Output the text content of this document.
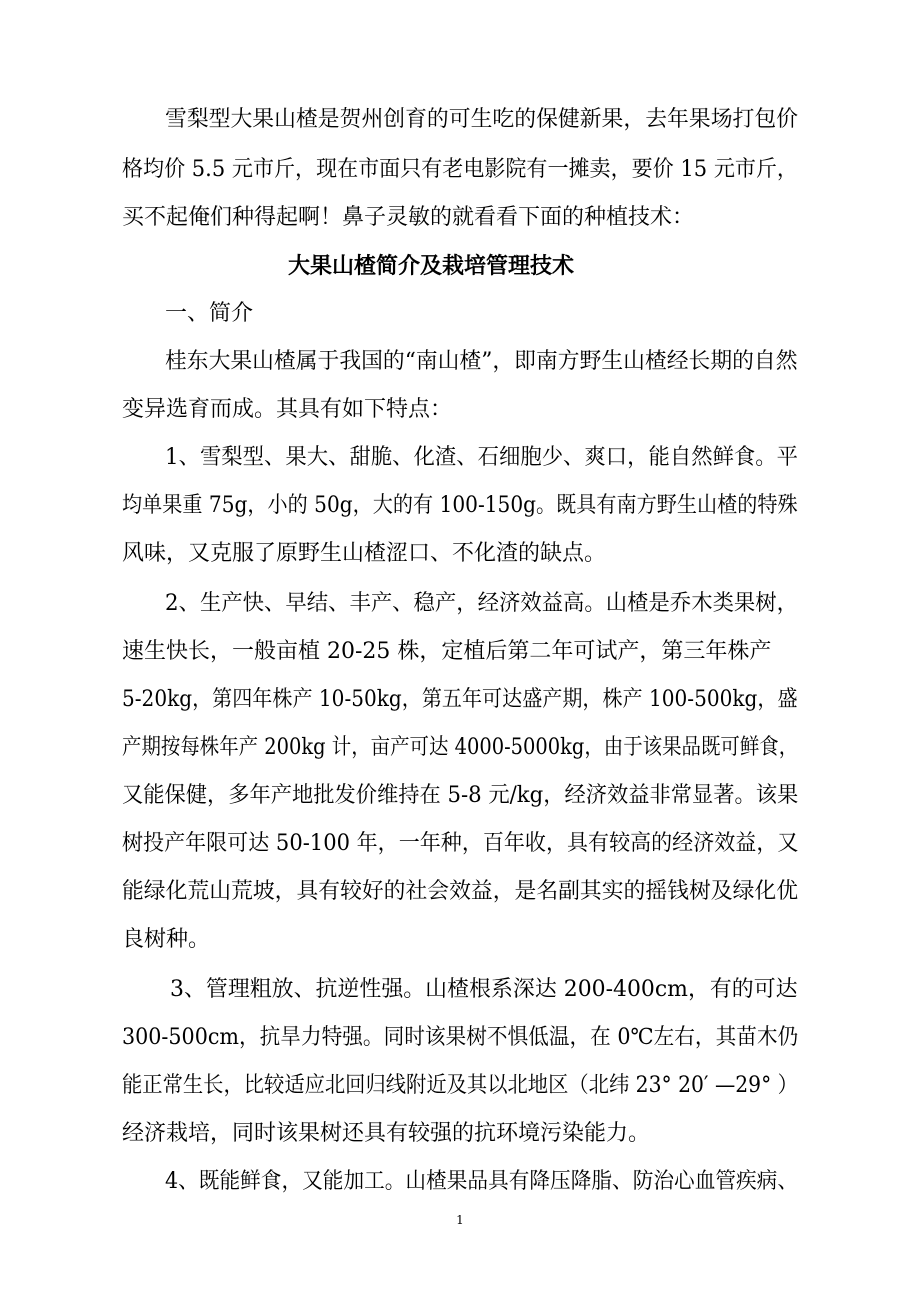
雪梨型大果山楂是贺州创育的可生吃的保健新果，去年果场打包价
格均价 5.5 元市斤，现在市面只有老电影院有一摊卖，要价 15 元市斤，
买不起俺们种得起啊！鼻子灵敏的就看看下面的种植技术：
大果山楂简介及栽培管理技术
一、简介
桂东大果山楂属于我国的“南山楂”，即南方野生山楂经长期的自然
变异选育而成。其具有如下特点：
1、雪梨型、果大、甜脆、化渣、石细胞少、爽口，能自然鲜食。平
均单果重 75g，小的 50g，大的有 100-150g。既具有南方野生山楂的特殊
风味，又克服了原野生山楂涩口、不化渣的缺点。
2、生产快、早结、丰产、稳产，经济效益高。山楂是乔木类果树，
速生快长，一般亩植 20-25 株，定植后第二年可试产，第三年株产
5-20kg，第四年株产 10-50kg，第五年可达盛产期，株产 100-500kg，盛
产期按每株年产 200kg 计，亩产可达 4000-5000kg，由于该果品既可鲜食，
又能保健，多年产地批发价维持在 5-8 元/kg，经济效益非常显著。该果
树投产年限可达 50-100 年，一年种，百年收，具有较高的经济效益，又
能绿化荒山荒坡，具有较好的社会效益，是名副其实的摇钱树及绿化优
良树种。
3、管理粗放、抗逆性强。山楂根系深达 200-400cm，有的可达
300-500cm，抗旱力特强。同时该果树不惧低温，在 0℃左右，其苗木仍
能正常生长，比较适应北回归线附近及其以北地区（北纬 23° 20′ —29° ）
经济栽培，同时该果树还具有较强的抗环境污染能力。
4、既能鲜食，又能加工。山楂果品具有降压降脂、防治心血管疾病、
1
